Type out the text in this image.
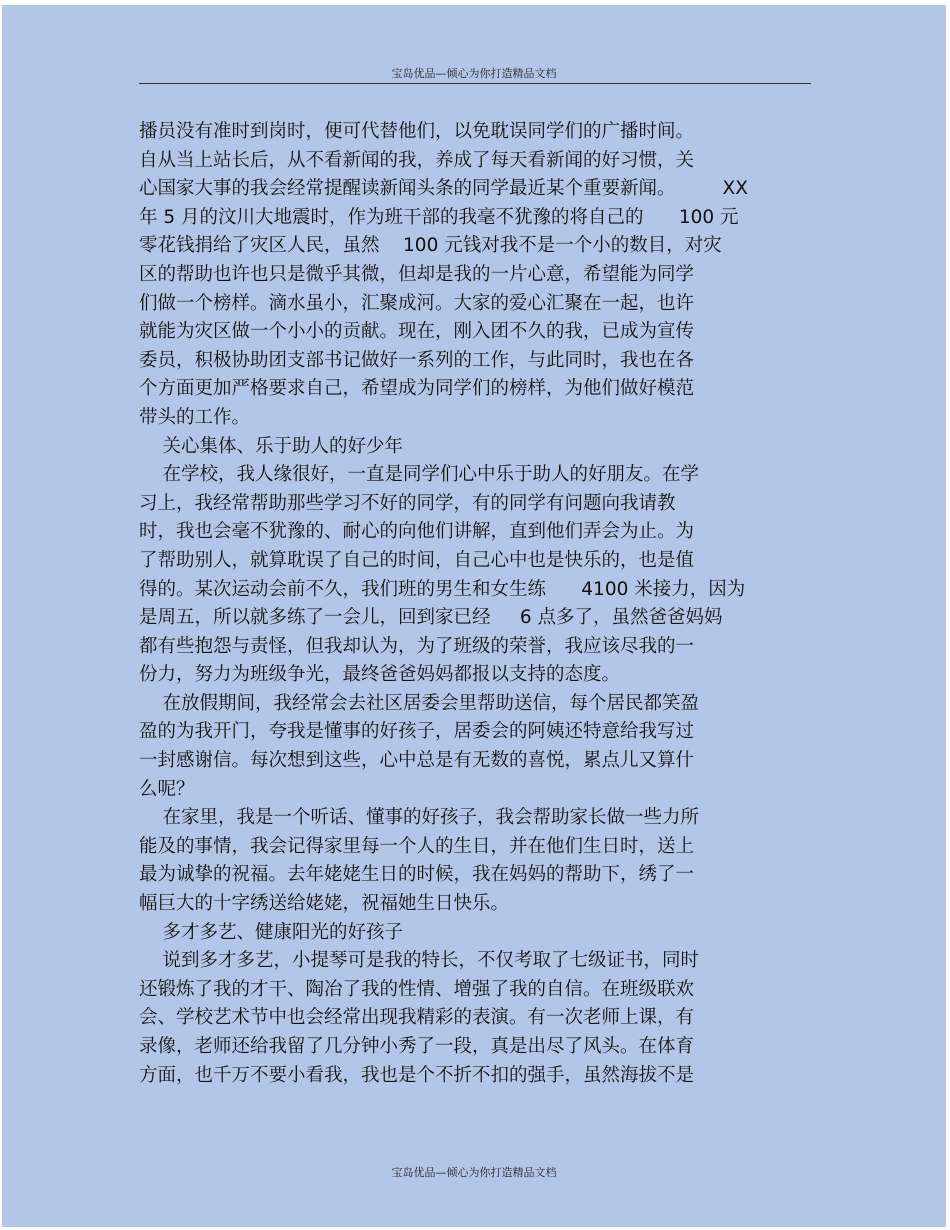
宝岛优品—倾心为你打造精品文档
播员没有准时到岗时，便可代替他们，以免耽误同学们的广播时间。
自从当上站长后，从不看新闻的我，养成了每天看新闻的好习惯，关
心国家大事的我会经常提醒读新闻头条的同学最近某个重要新闻。        XX
年 5 月的汶川大地震时，作为班干部的我毫不犹豫的将自己的      100 元
零花钱捐给了灾区人民，虽然    100 元钱对我不是一个小的数目，对灾
区的帮助也许也只是微乎其微，但却是我的一片心意，希望能为同学
们做一个榜样。滴水虽小，汇聚成河。大家的爱心汇聚在一起，也许
就能为灾区做一个小小的贡献。现在，刚入团不久的我，已成为宣传
委员，积极协助团支部书记做好一系列的工作，与此同时，我也在各
个方面更加严格要求自己，希望成为同学们的榜样，为他们做好模范
带头的工作。
关心集体、乐于助人的好少年
在学校，我人缘很好，一直是同学们心中乐于助人的好朋友。在学
习上，我经常帮助那些学习不好的同学，有的同学有问题向我请教
时，我也会毫不犹豫的、耐心的向他们讲解，直到他们弄会为止。为
了帮助别人，就算耽误了自己的时间，自己心中也是快乐的，也是值
得的。某次运动会前不久，我们班的男生和女生练      4100 米接力，因为
是周五，所以就多练了一会儿，回到家已经     6 点多了，虽然爸爸妈妈
都有些抱怨与责怪，但我却认为，为了班级的荣誉，我应该尽我的一
份力，努力为班级争光，最终爸爸妈妈都报以支持的态度。
在放假期间，我经常会去社区居委会里帮助送信，每个居民都笑盈
盈的为我开门，夸我是懂事的好孩子，居委会的阿姨还特意给我写过
一封感谢信。每次想到这些，心中总是有无数的喜悦，累点儿又算什
么呢？
在家里，我是一个听话、懂事的好孩子，我会帮助家长做一些力所
能及的事情，我会记得家里每一个人的生日，并在他们生日时，送上
最为诚挚的祝福。去年姥姥生日的时候，我在妈妈的帮助下，绣了一
幅巨大的十字绣送给姥姥，祝福她生日快乐。
多才多艺、健康阳光的好孩子
说到多才多艺，小提琴可是我的特长，不仅考取了七级证书，同时
还锻炼了我的才干、陶冶了我的性情、增强了我的自信。在班级联欢
会、学校艺术节中也会经常出现我精彩的表演。有一次老师上课，有
录像，老师还给我留了几分钟小秀了一段，真是出尽了风头。在体育
方面，也千万不要小看我，我也是个不折不扣的强手，虽然海拔不是
宝岛优品—倾心为你打造精品文档
